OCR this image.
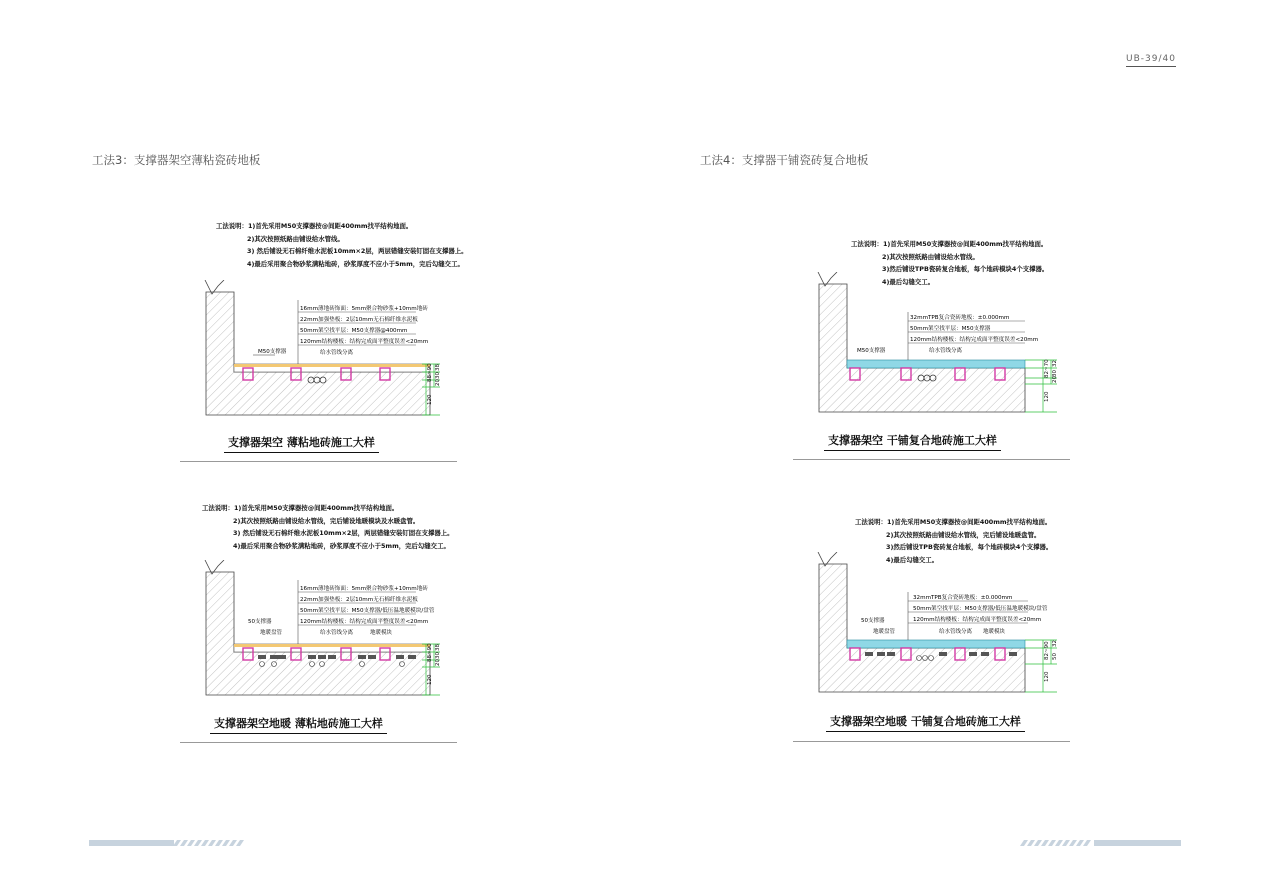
UB-39/40
工法3：支撑器架空薄粘瓷砖地板	工法4：支撑器干铺瓷砖复合地板
工法说明：1)首先采用M50支撑器按@间距400mm找平结构地面。
2)其次按照纸路由铺设给水管线。
3) 然后铺设无石棉纤维水泥板10mm×2层，两层错缝安装钉固在支撑器上。
4)最后采用聚合物砂浆满粘地砖，砂浆厚度不应小于5mm，完后勾缝交工。
M50支撑器	给水管线分离
16mm薄地砖饰面：5mm聚合物砂浆+10mm地砖
22mm加强垫板：2层10mm无石棉纤维水泥板
50mm架空找平层：M50支撑器@400mm
120mm结构楼板：结构完成面平整度误差<20mm
38
30
20
88~90
120
支撑器架空 薄粘地砖施工大样
工法说明：1)首先采用M50支撑器按@间距400mm找平结构地面。
2)其次按照纸路由铺设给水管线，完后铺设地暖模块及水暖盘管。
3) 然后铺设无石棉纤维水泥板10mm×2层，两层错缝安装钉固在支撑器上。
4)最后采用聚合物砂浆满粘地砖，砂浆厚度不应小于5mm，完后勾缝交工。
50支撑器
地暖盘管	给水管线分离	地暖模块
16mm薄地砖饰面：5mm聚合物砂浆+10mm地砖
22mm加强垫板：2层10mm无石棉纤维水泥板
50mm架空找平层：M50支撑器/低压温地暖模块/盘管
120mm结构楼板：结构完成面平整度误差<20mm
38
30
20
88~90
120
支撑器架空地暖 薄粘地砖施工大样
工法说明：1)首先采用M50支撑器按@间距400mm找平结构地面。
2)其次按照纸路由铺设给水管线。
3)然后铺设TPB瓷砖复合地板，每个地砖模块4个支撑器。
4)最后勾缝交工。
M50支撑器	给水管线分离
32mmTPB复合瓷砖地板：±0.000mm
50mm架空找平层：M50支撑器
120mm结构楼板：结构完成面平整度误差<20mm
32
30
20
82~70
120
支撑器架空 干铺复合地砖施工大样
工法说明：1)首先采用M50支撑器按@间距400mm找平结构地面。
2)其次按照纸路由铺设给水管线，完后铺设地暖盘管。
3)然后铺设TPB瓷砖复合地板，每个地砖模块4个支撑器。
4)最后勾缝交工。
50支撑器
地暖盘管	给水管线分离 地暖模块
32mmTPB复合瓷砖地板：±0.000mm
50mm架空找平层：M50支撑器/低压温地暖模块/盘管
120mm结构楼板：结构完成面平整度误差<20mm
32
50
82~90
120
支撑器架空地暖 干铺复合地砖施工大样
